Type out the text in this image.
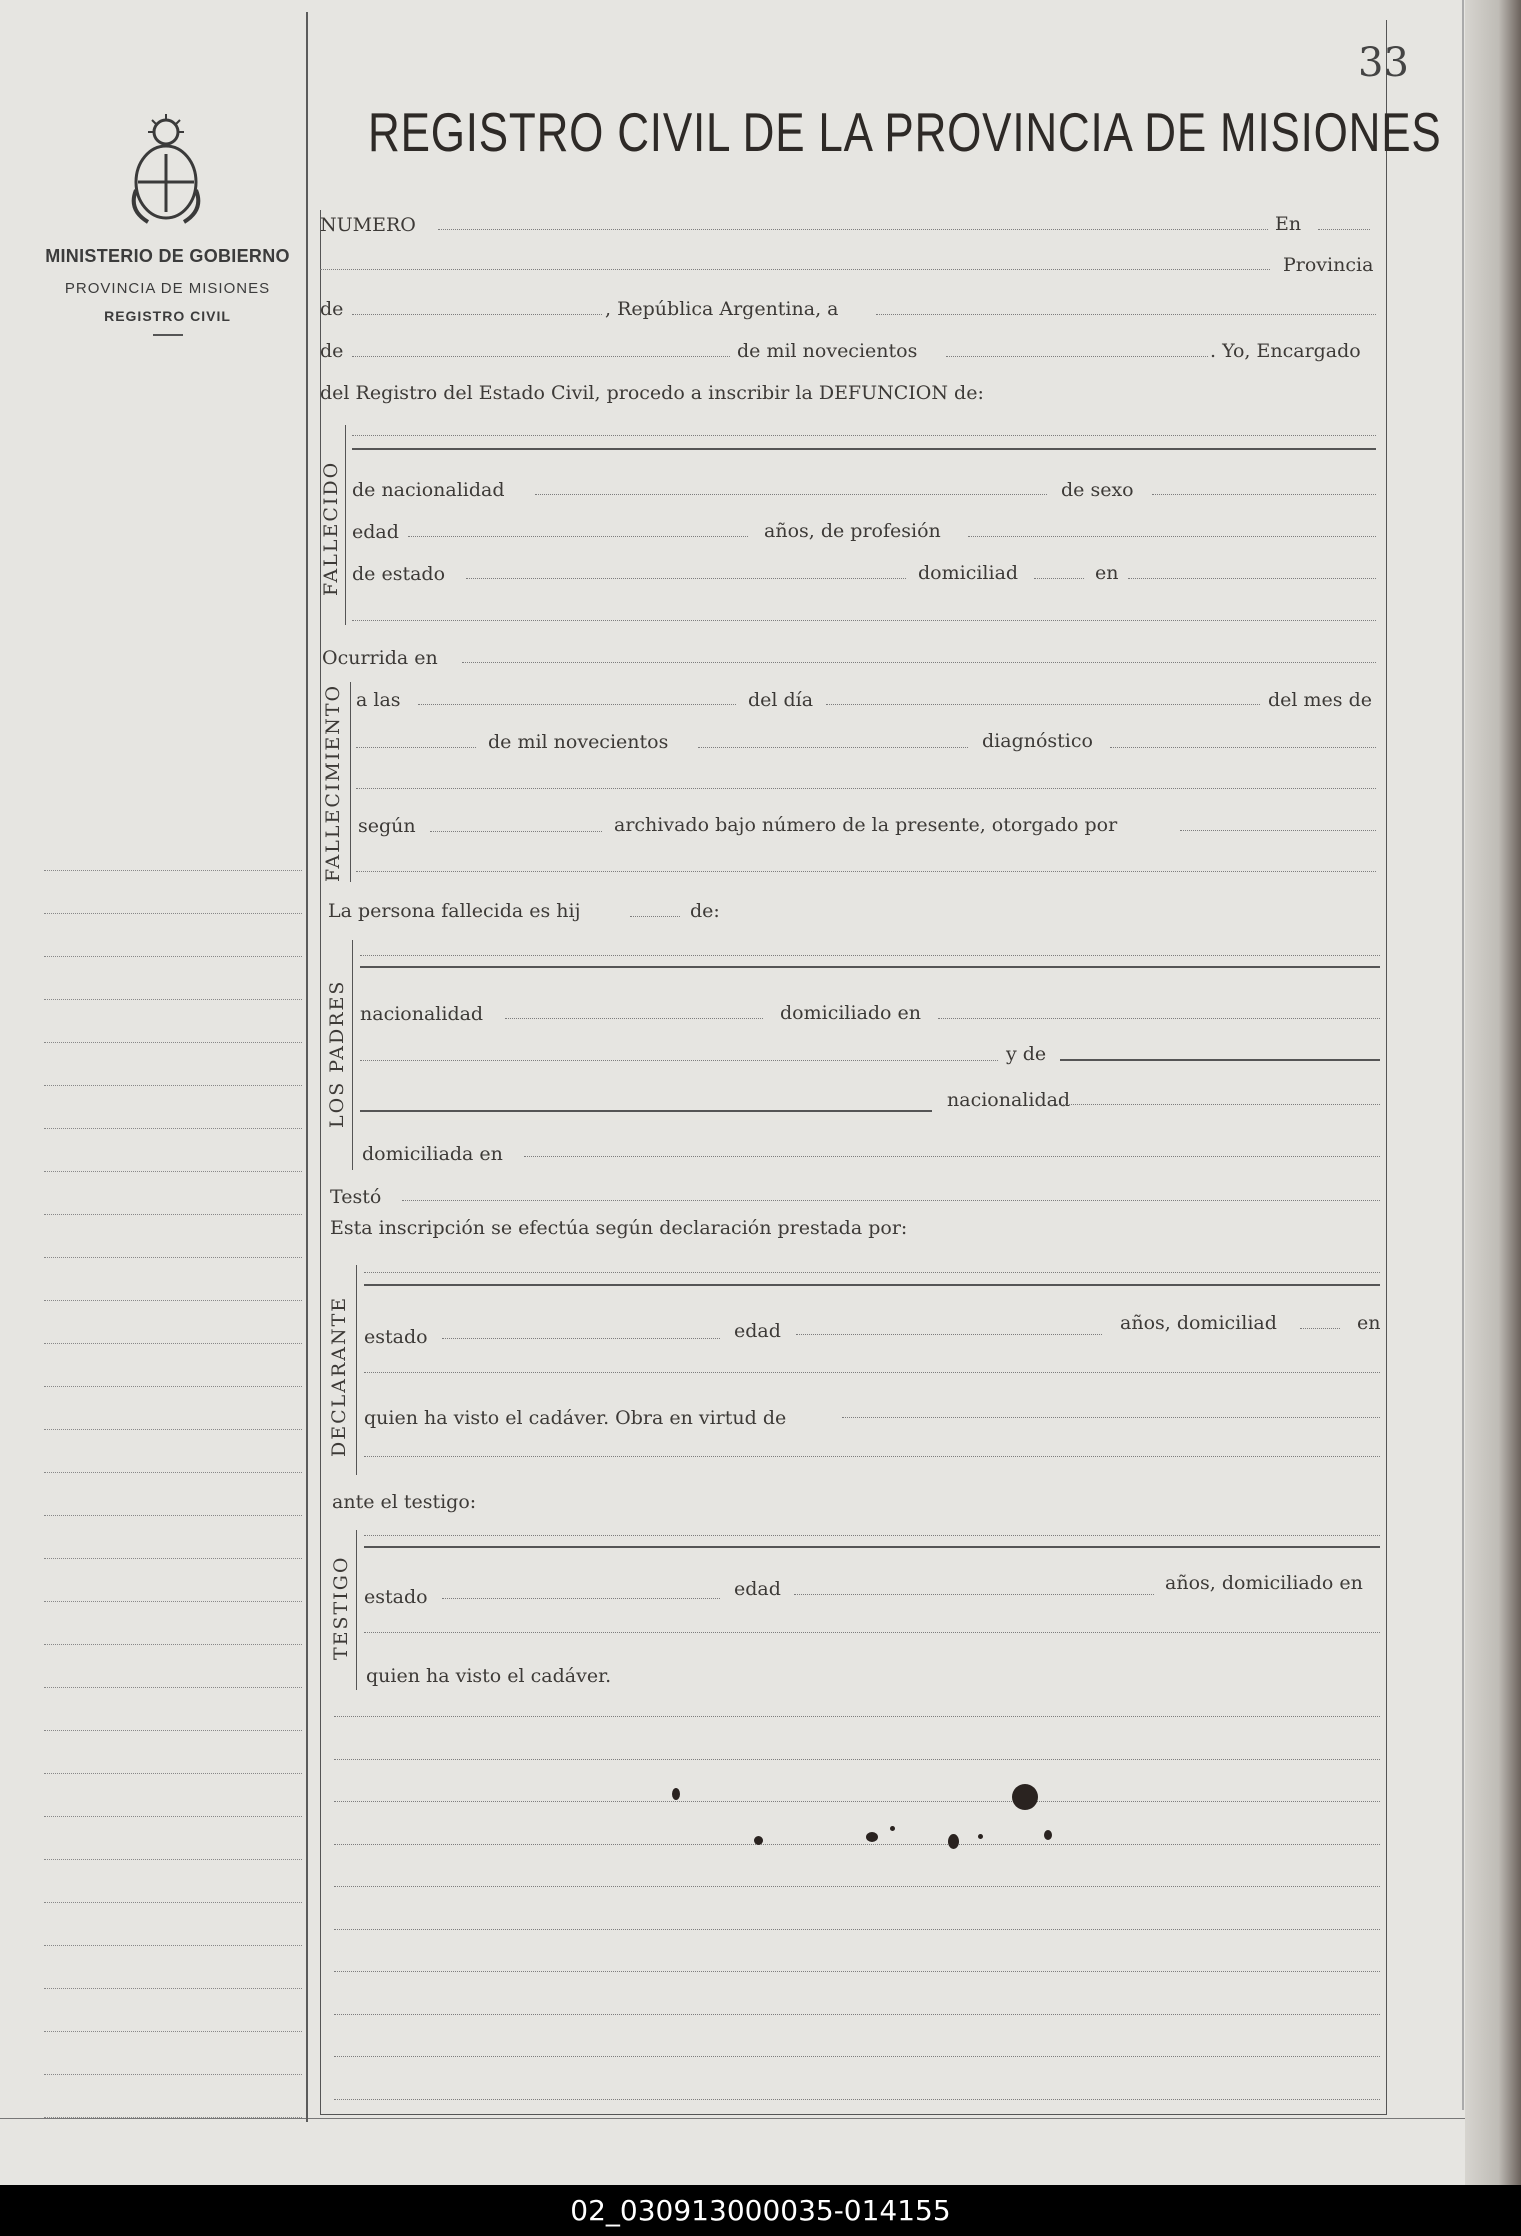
MINISTERIO DE GOBIERNO
PROVINCIA DE MISIONES
REGISTRO CIVIL
33
REGISTRO CIVIL DE LA PROVINCIA DE MISIONES
NUMERO	En
Provincia
de	, República Argentina, a
de	de mil novecientos	. Yo, Encargado
del Registro del Estado Civil, procedo a inscribir la DEFUNCION de:
FALLECIDO de nacionalidad	de sexo
edad	años, de profesión
de estado	domiciliad	en
Ocurrida en
FALLECIMIENTO a las	del día	del mes de
de mil novecientos	diagnóstico
según	archivado bajo número de la presente, otorgado por
La persona fallecida es hij	de:
LOS PADRES nacionalidad	domiciliado en
y de
nacionalidad
domiciliada en
Testó
Esta inscripción se efectúa según declaración prestada por:
DECLARANTE estado	edad	años, domiciliad	en
quien ha visto el cadáver. Obra en virtud de
ante el testigo:
TESTIGO estado	edad	años, domiciliado en
quien ha visto el cadáver.
02_030913000035-014155
